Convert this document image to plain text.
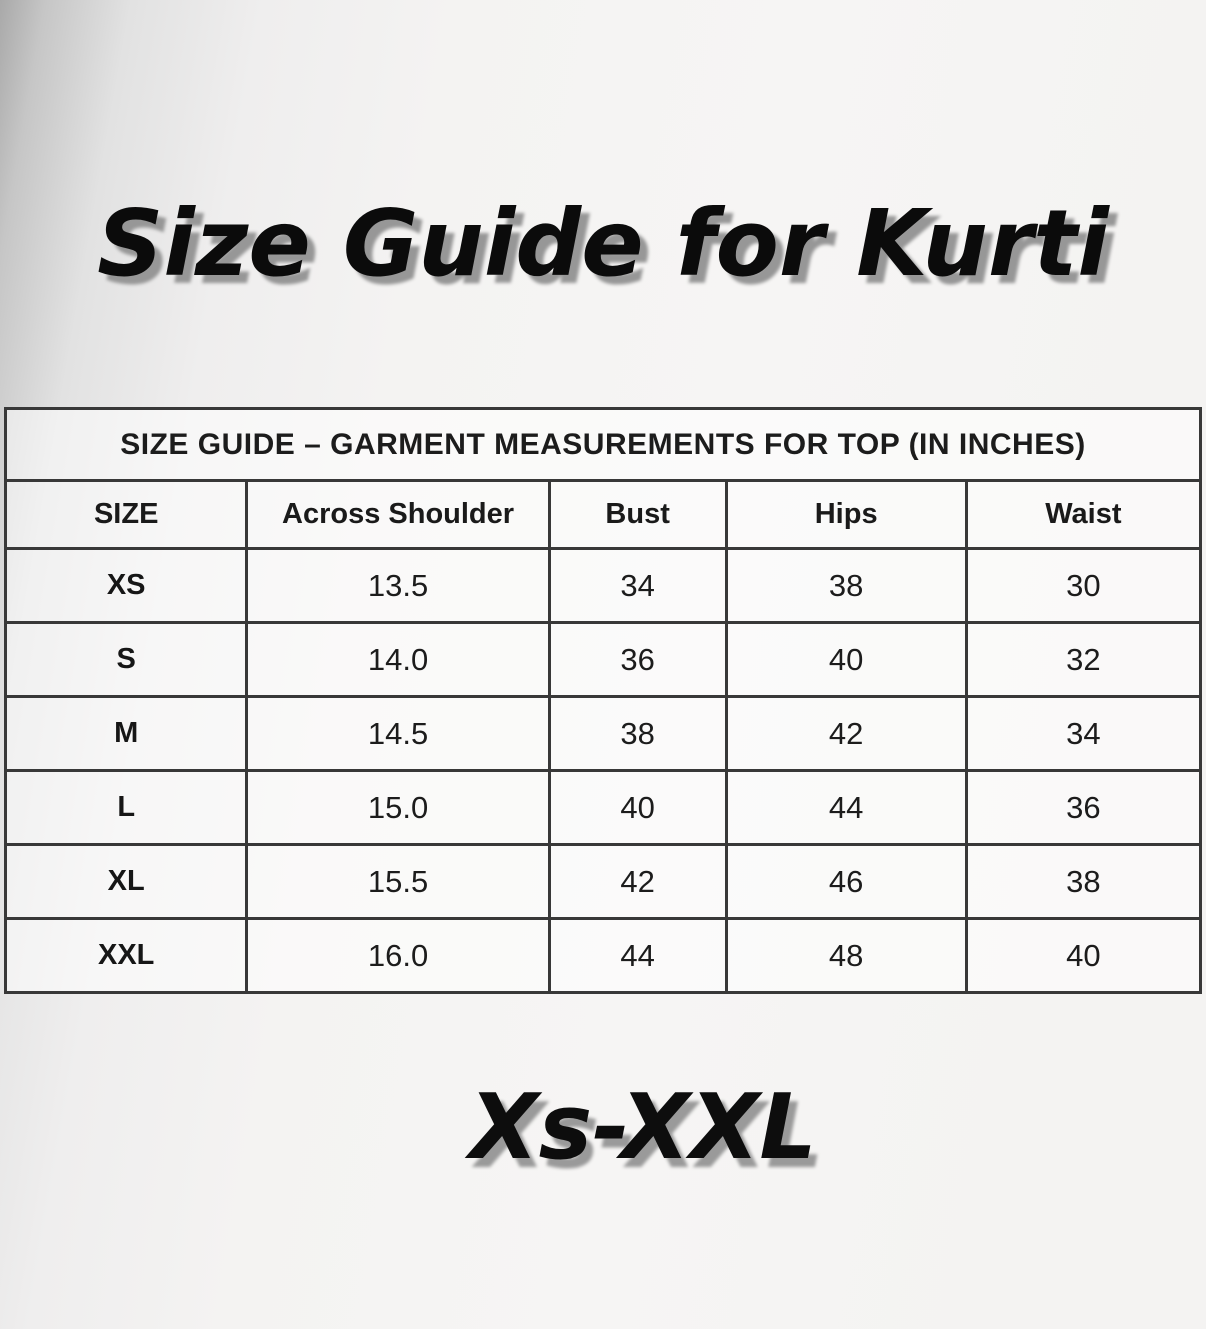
Size Guide for Kurti
SIZE GUIDE – GARMENT MEASUREMENTS FOR TOP (IN INCHES)				
SIZE	Across Shoulder	Bust	Hips	Waist
XS	13.5	34	38	30
S	14.0	36	40	32
M	14.5	38	42	34
L	15.0	40	44	36
XL	15.5	42	46	38
XXL	16.0	44	48	40
Xs-XXL
